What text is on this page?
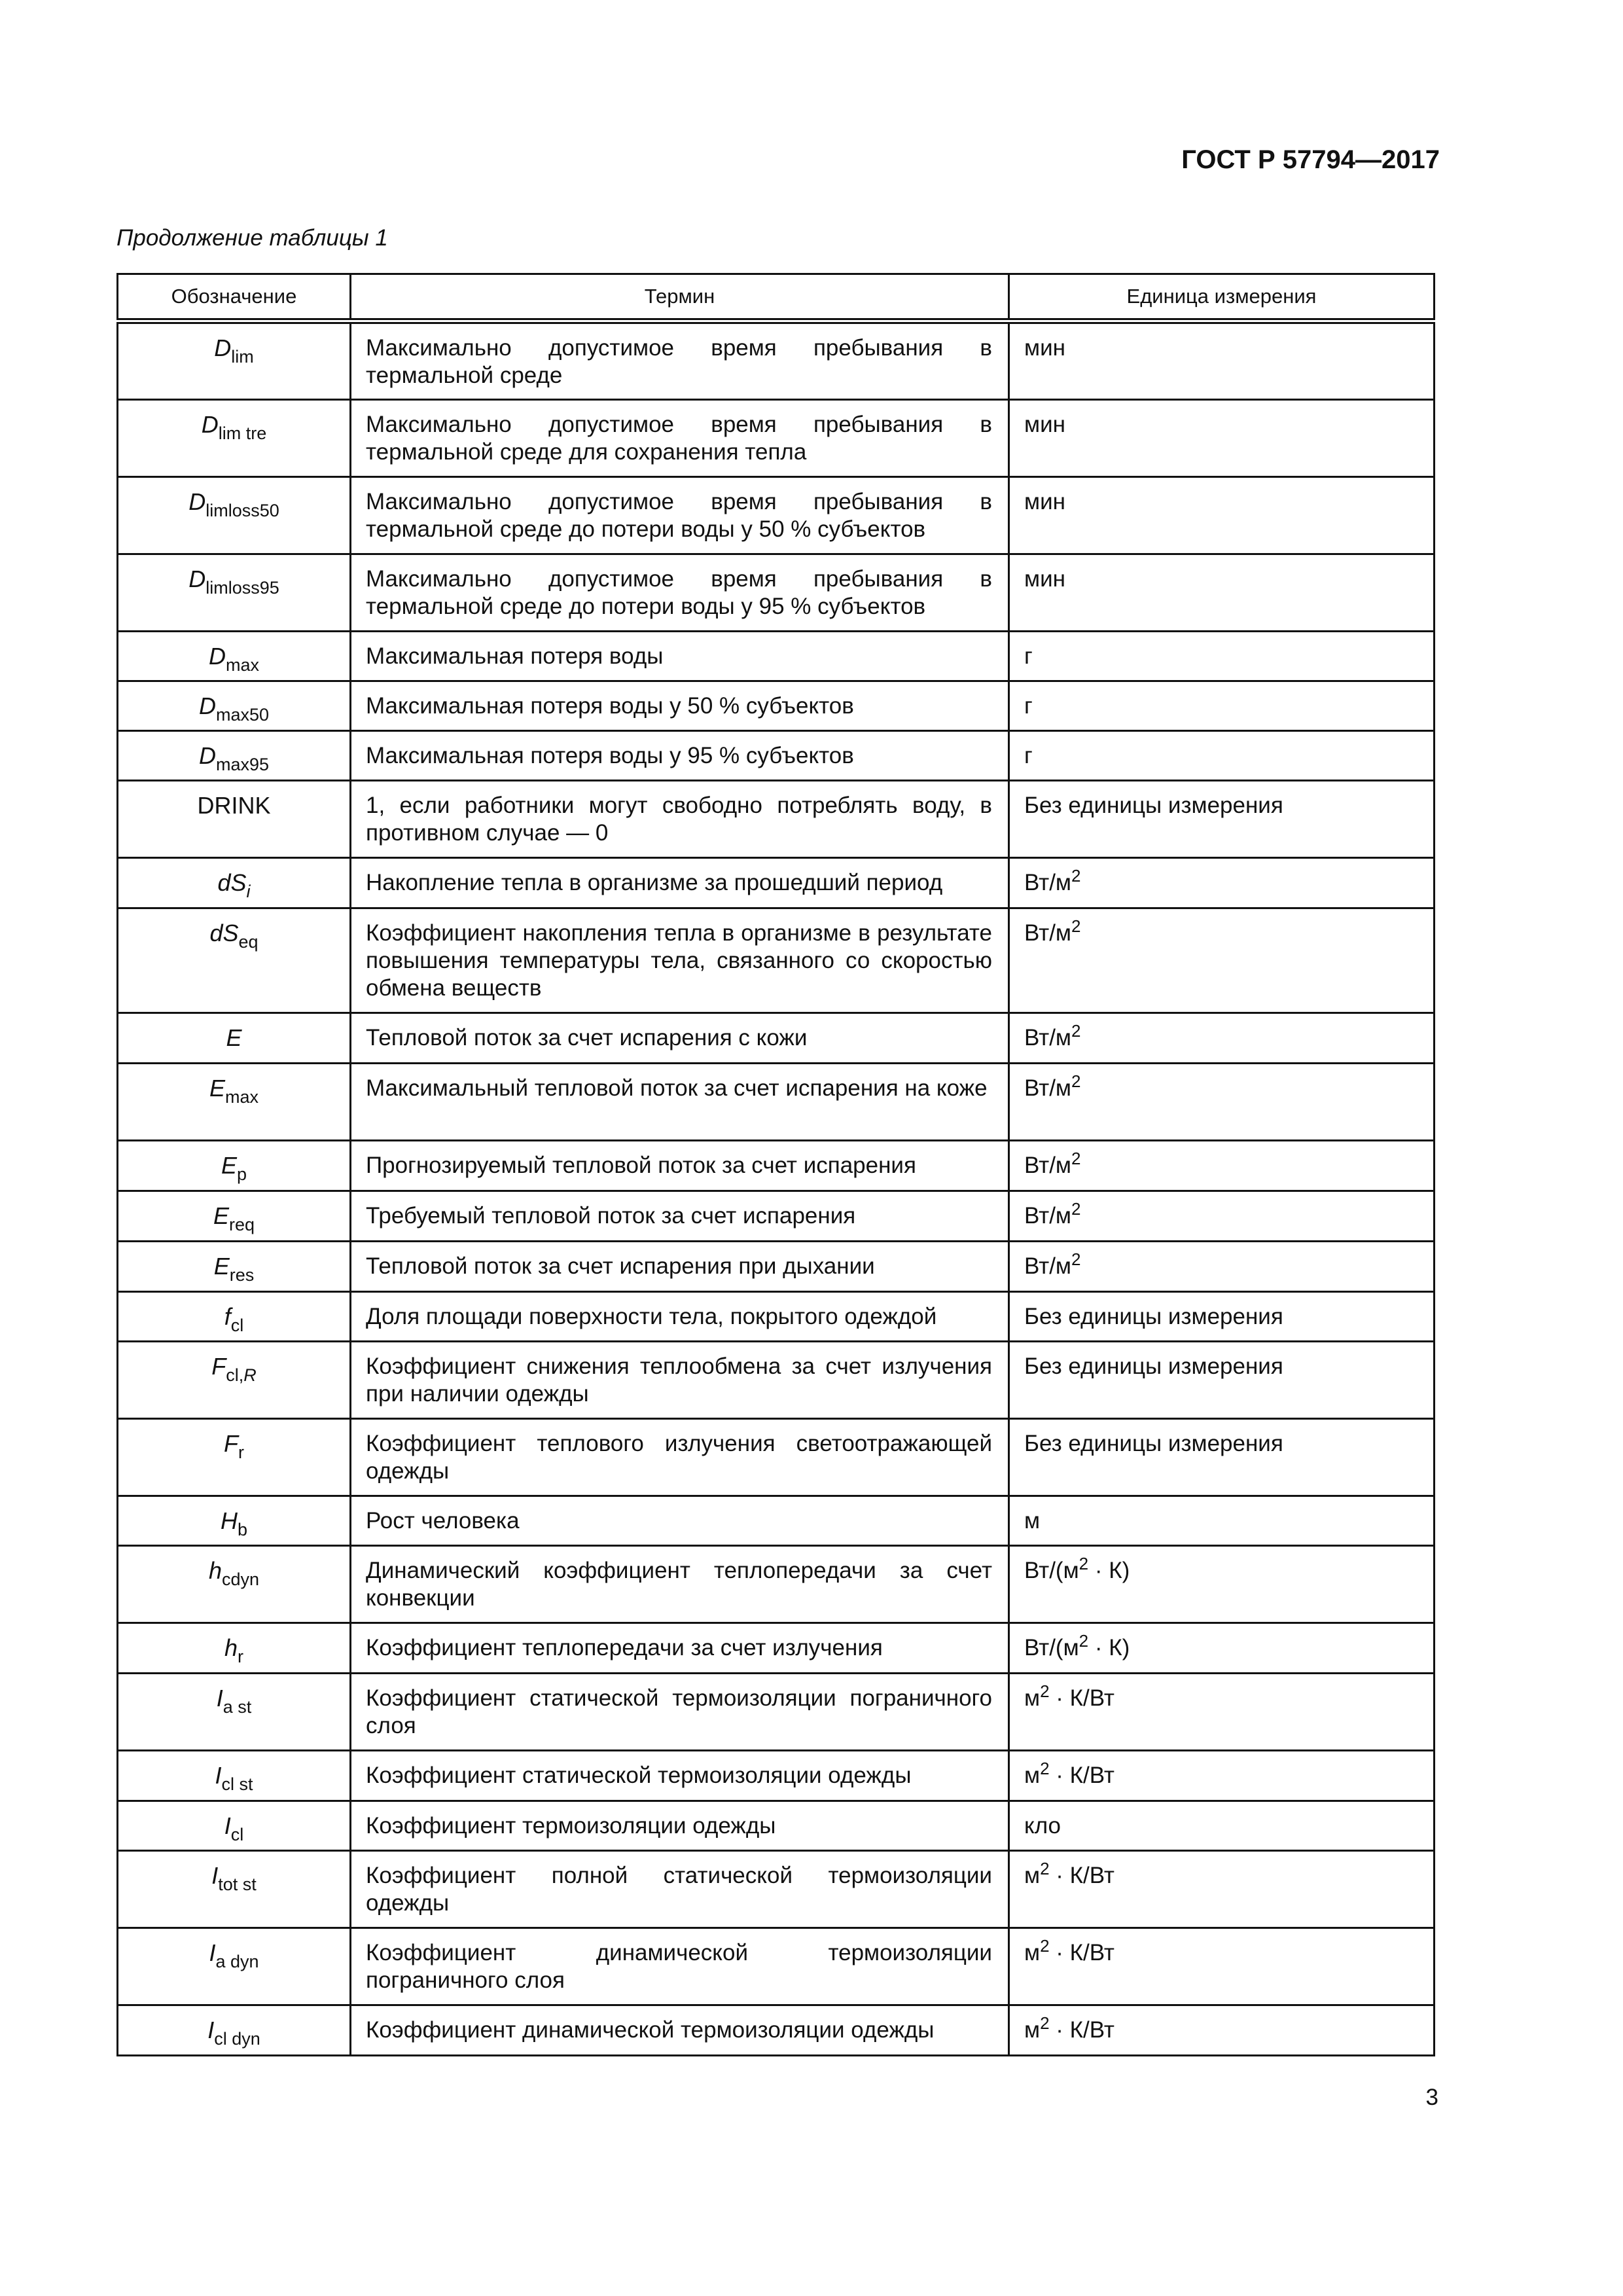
ГОСТ Р 57794—2017
Продолжение таблицы 1
Обозначение	Термин	Единица измерения
$D_{lim}$	Максимально допустимое время пребывания в термальной среде	мин
$D_{lim tre}$	Максимально допустимое время пребывания в термальной среде для сохранения тепла	мин
$D_{limloss50}$	Максимально допустимое время пребывания в термальной среде до потери воды у 50 % субъектов	мин
$D_{limloss95}$	Максимально допустимое время пребывания в термальной среде до потери воды у 95 % субъектов	мин
$D_{max}$	Максимальная потеря воды	г
$D_{max50}$	Максимальная потеря воды у 50 % субъектов	г
$D_{max95}$	Максимальная потеря воды у 95 % субъектов	г
DRINK	1, если работники могут свободно потреблять воду, в противном случае — 0	Без единицы измерения
$dS_i$	Накопление тепла в организме за прошедший период	$Вт/м^2$
$dS_{eq}$	Коэффициент накопления тепла в организме в результате повышения температуры тела, связанного со скоростью обмена веществ	$Вт/м^2$
E	Тепловой поток за счет испарения с кожи	$Вт/м^2$
$E_{max}$	Максимальный тепловой поток за счет испарения на коже	$Вт/м^2$
$E_p$	Прогнозируемый тепловой поток за счет испарения	$Вт/м^2$
$E_{req}$	Требуемый тепловой поток за счет испарения	$Вт/м^2$
$E_{res}$	Тепловой поток за счет испарения при дыхании	$Вт/м^2$
$f_{cl}$	Доля площади поверхности тела, покрытого одеждой	Без единицы измерения
$F_{cl,R}$	Коэффициент снижения теплообмена за счет излучения при наличии одежды	Без единицы измерения
$F_r$	Коэффициент теплового излучения светоотражающей одежды	Без единицы измерения
$H_b$	Рост человека	м
$h_{cdyn}$	Динамический коэффициент теплопередачи за счет конвекции	$Вт/(м^2 \cdot К)$
$h_r$	Коэффициент теплопередачи за счет излучения	$Вт/(м^2 \cdot К)$
$I_{a st}$	Коэффициент статической термоизоляции пограничного слоя	$м^2 \cdot К/Вт$
$I_{cl st}$	Коэффициент статической термоизоляции одежды	$м^2 \cdot К/Вт$
$I_{cl}$	Коэффициент термоизоляции одежды	кло
$I_{tot st}$	Коэффициент полной статической термоизоляции одежды	$м^2 \cdot К/Вт$
$I_{a dyn}$	Коэффициент динамической термоизоляции пограничного слоя	$м^2 \cdot К/Вт$
$I_{cl dyn}$	Коэффициент динамической термоизоляции одежды	$м^2 \cdot К/Вт$
3
